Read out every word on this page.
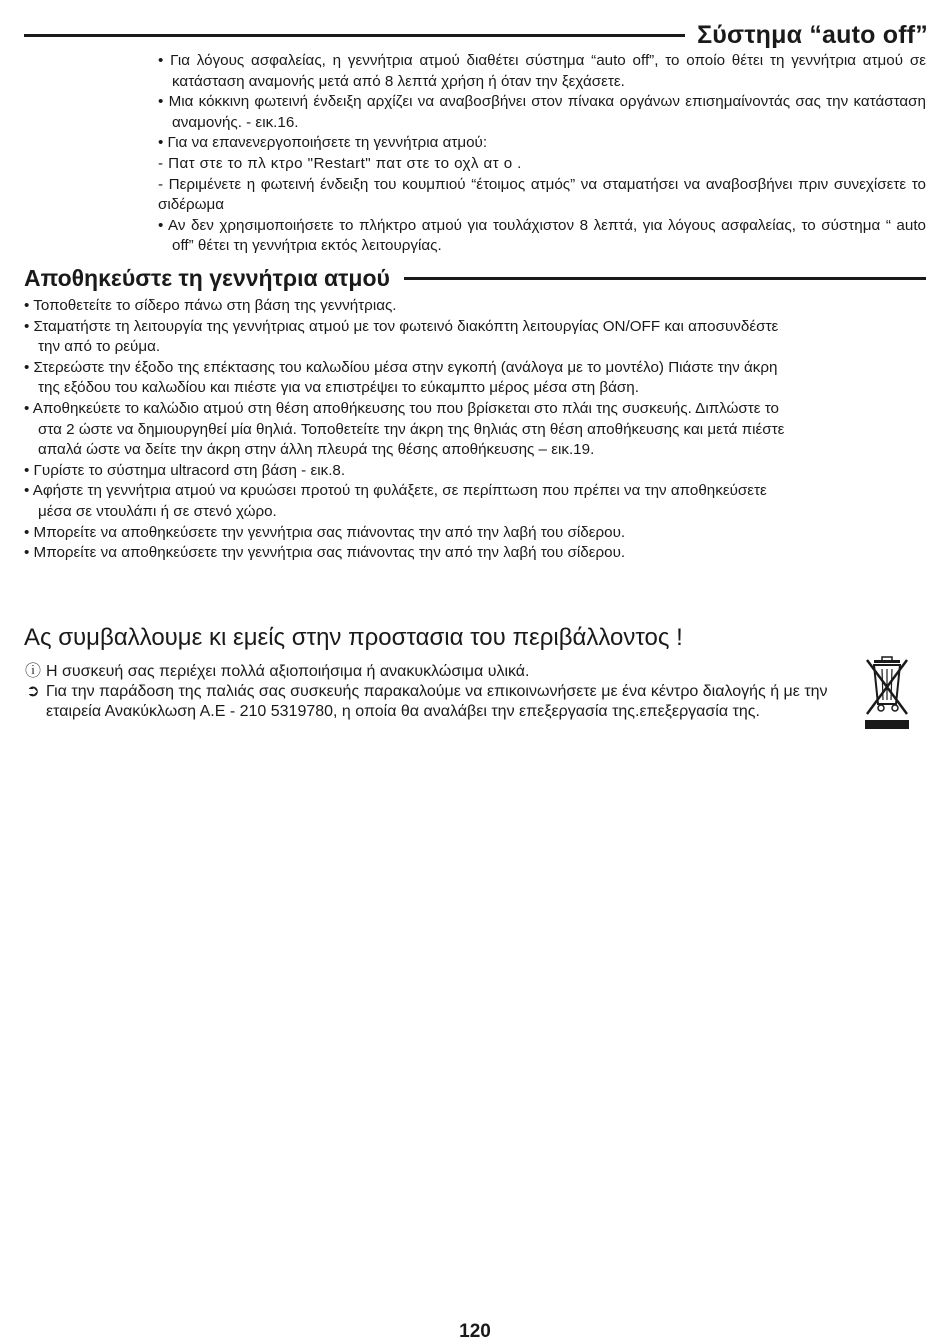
Σύστημα “auto off”

• Για λόγους ασφαλείας, η γεννήτρια ατμού διαθέτει σύστημα “auto off”, το οποίο θέτει τη γεννήτρια ατμού σε κατάσταση αναμονής μετά από 8 λεπτά χρήση ή όταν την ξεχάσετε.

• Μια κόκκινη φωτεινή ένδειξη αρχίζει να αναβοσβήνει στον πίνακα οργάνων επισημαίνοντάς σας την κατάσταση αναμονής. - εικ.16.

• Για να επανενεργοποιήσετε τη γεννήτρια ατμού:

- Πατ στε το πλ κτρο "Restart" πατ στε το οχλ ατ ο .

- Περιμένετε η φωτεινή ένδειξη του κουμπιού “έτοιμος ατμός” να σταματήσει να αναβοσβήνει πριν συνεχίσετε το σιδέρωμα

• Αν δεν χρησιμοποιήσετε το πλήκτρο ατμού για τουλάχιστον 8 λεπτά, για λόγους ασφαλείας, το σύστημα “ auto off” θέτει τη γεννήτρια εκτός λειτουργίας.

Αποθηκεύστε τη γεννήτρια ατμού

• Τοποθετείτε το σίδερο πάνω στη βάση της γεννήτριας.

• Σταματήστε τη λειτουργία της γεννήτριας ατμού με τον φωτεινό διακόπτη λειτουργίας ON/OFF και αποσυνδέστε την από το ρεύμα.

• Στερεώστε την έξοδο της επέκτασης του καλωδίου μέσα στην εγκοπή (ανάλογα με το μοντέλο) Πιάστε την άκρη της εξόδου του καλωδίου και πιέστε για να επιστρέψει το εύκαμπτο μέρος μέσα στη βάση.

• Αποθηκεύετε το καλώδιο ατμού στη θέση αποθήκευσης του που βρίσκεται στο πλάι της συσκευής. Διπλώστε το στα 2 ώστε να δημιουργηθεί μία θηλιά. Τοποθετείτε την άκρη της θηλιάς στη θέση αποθήκευσης και μετά πιέστε απαλά ώστε να δείτε την άκρη στην άλλη πλευρά της θέσης αποθήκευσης – εικ.19.

• Γυρίστε το σύστημα ultracord στη βάση - εικ.8.

• Αφήστε τη γεννήτρια ατμού να κρυώσει προτού τη φυλάξετε, σε περίπτωση που πρέπει να την αποθηκεύσετε μέσα σε ντουλάπι ή σε στενό χώρο.

• Μπορείτε να αποθηκεύσετε την γεννήτρια σας πιάνοντας την από την λαβή του σίδερου.

• Μπορείτε να αποθηκεύσετε την γεννήτρια σας πιάνοντας την από την λαβή του σίδερου.

Ας συμβαλλουμε κι εμείς στην προστασια του περιβάλλοντος !

ⓘ Η συσκευή σας περιέχει πολλά αξιοποιήσιμα ή ανακυκλώσιμα υλικά.

➲ Για την παράδοση της παλιάς σας συσκευής παρακαλούμε να επικοινωνήσετε με ένα κέντρο διαλογής ή με την εταιρεία Ανακύκλωση Α.Ε - 210 5319780, η οποία θα αναλάβει την επεξεργασία της.επεξεργασία της.

120
